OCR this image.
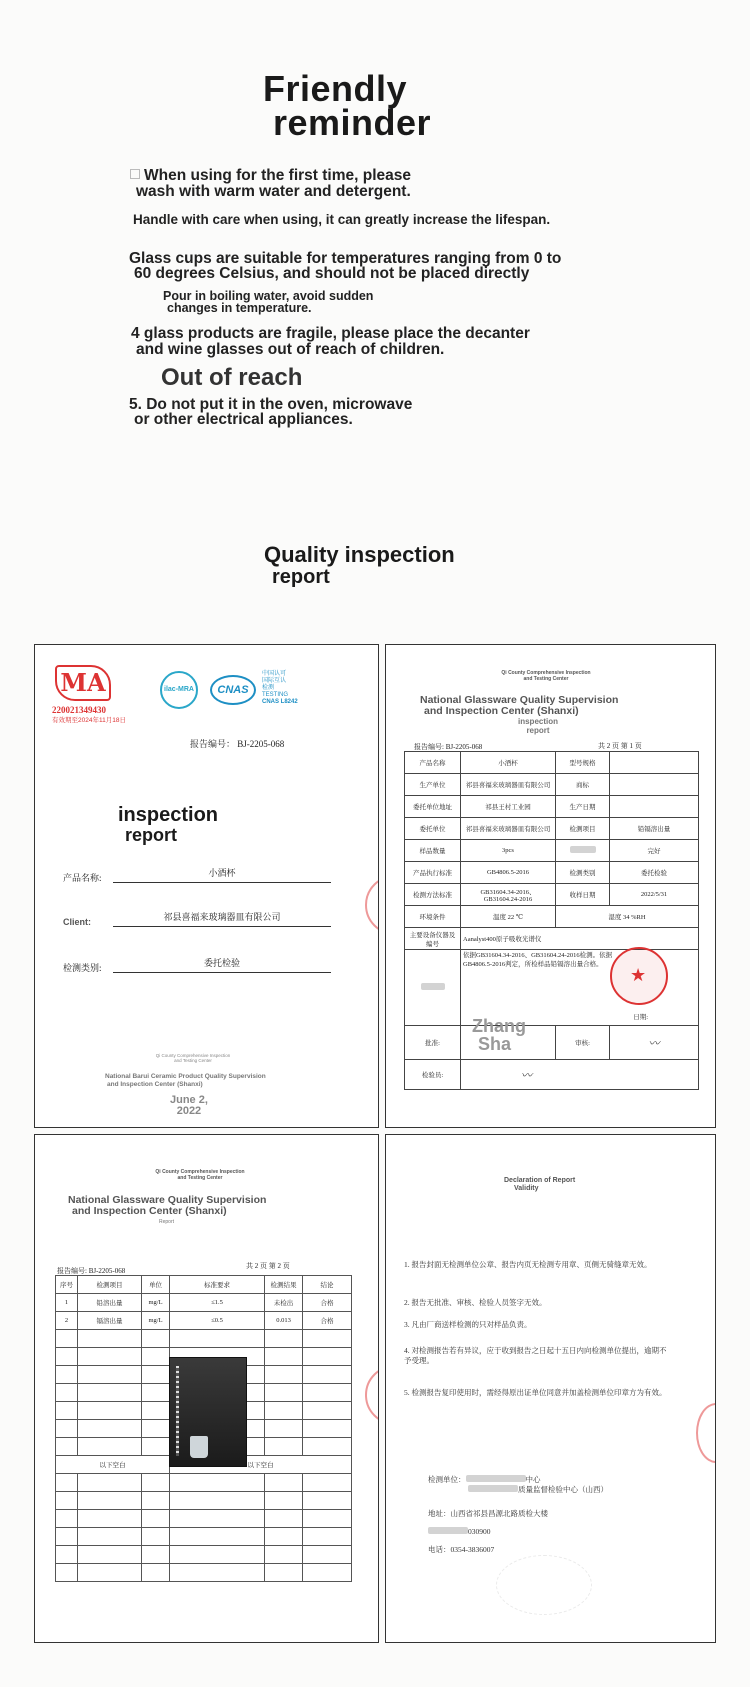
Friendly
reminder
When using for the first time, please
wash with warm water and detergent.
Handle with care when using, it can greatly increase the lifespan.
Glass cups are suitable for temperatures ranging from 0 to
60 degrees Celsius, and should not be placed directly
Pour in boiling water, avoid sudden
changes in temperature.
4 glass products are fragile, please place the decanter
and wine glasses out of reach of children.
Out of reach
5. Do not put it in the oven, microwave
or other electrical appliances.
Quality inspection
report
MA
220021349430
有效期至2024年11月18日
ilac-MRA	CNAS
中国认可
国际互认
检测
TESTING
CNAS L8242
报告编号： BJ-2205-068
inspection
report
产品名称:	小酒杯
Client:	祁县喜福来玻璃器皿有限公司
检测类别:	委托检验
Qi County Comprehensive Inspection
and Testing Center
National Barui Ceramic Product Quality Supervision
and Inspection Center (Shanxi)
June 2,
2022
Qi County Comprehensive Inspection
and Testing Center
National Glassware Quality Supervision
and Inspection Center (Shanxi)
inspection
report
报告编号: BJ-2205-068	共 2 页 第 1 页
产品名称	小酒杯	型号规格	
生产单位	祁县喜福来玻璃器皿有限公司	商标	
委托单位地址	祁县王村工业园	生产日期	
委托单位	祁县喜福来玻璃器皿有限公司	检测项目	铅镉溶出量
样品数量	3pcs		完好
产品执行标准	GB4806.5-2016	检测类别	委托检验
检测方法标准	GB31604.34-2016、GB31604.24-2016	收样日期	2022/5/31
环境条件	温度 22 ℃	湿度 34 %RH	
主要设备仪器及编号	Aanalyst400原子吸收光谱仪		

	依据GB31604.34-2016、GB31604.24-2016检测。依据GB4806.5-2016判定，所检样品铅镉溶出量合格。
日期:		

批准:		审核:	〰
检验员:	〰		
Zhang
Sha
★
Qi County Comprehensive Inspection
and Testing Center
National Glassware Quality Supervision
and Inspection Center (Shanxi)
Report
报告编号: BJ-2205-068
共 2 页 第 2 页
序号	检测项目	单位	标准要求	检测结果	结论
1	铅溶出量	mg/L	≤1.5	未检出	合格
2	镉溶出量	mg/L	≤0.5	0.013	合格

以下空白			以下空白		

Declaration of Report
Validity
1. 报告封面无检测单位公章、报告内页无检测专用章、页侧无骑缝章无效。
2. 报告无批准、审核、检验人员签字无效。
3. 凡由厂商送样检测的只对样品负责。
4. 对检测报告若有异议，应于收到报告之日起十五日内向检测单位提出，逾期不
予受理。
5. 检测报告复印使用时，需经得原出证单位同意并加盖检测单位印章方为有效。
检测单位：	中心
质量监督检验中心（山西）
地址：山西省祁县昌源北路质检大楼
030900
电话：0354-3836007
